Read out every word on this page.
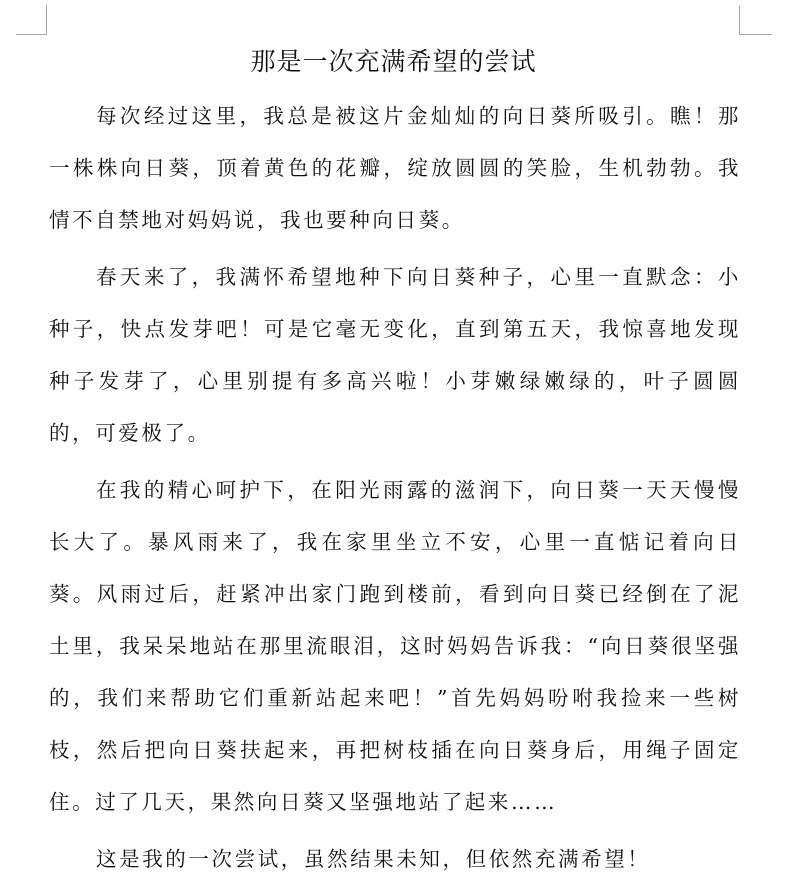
那是一次充满希望的尝试

每次经过这里，我总是被这片金灿灿的向日葵所吸引。瞧！那一株株向日葵，顶着黄色的花瓣，绽放圆圆的笑脸，生机勃勃。我情不自禁地对妈妈说，我也要种向日葵。

春天来了，我满怀希望地种下向日葵种子，心里一直默念：小种子，快点发芽吧！可是它毫无变化，直到第五天，我惊喜地发现种子发芽了，心里别提有多高兴啦！小芽嫩绿嫩绿的，叶子圆圆的，可爱极了。

在我的精心呵护下，在阳光雨露的滋润下，向日葵一天天慢慢长大了。暴风雨来了，我在家里坐立不安，心里一直惦记着向日葵。风雨过后，赶紧冲出家门跑到楼前，看到向日葵已经倒在了泥土里，我呆呆地站在那里流眼泪，这时妈妈告诉我：“向日葵很坚强的，我们来帮助它们重新站起来吧！”首先妈妈吩咐我捡来一些树枝，然后把向日葵扶起来，再把树枝插在向日葵身后，用绳子固定住。过了几天，果然向日葵又坚强地站了起来……

这是我的一次尝试，虽然结果未知，但依然充满希望！
